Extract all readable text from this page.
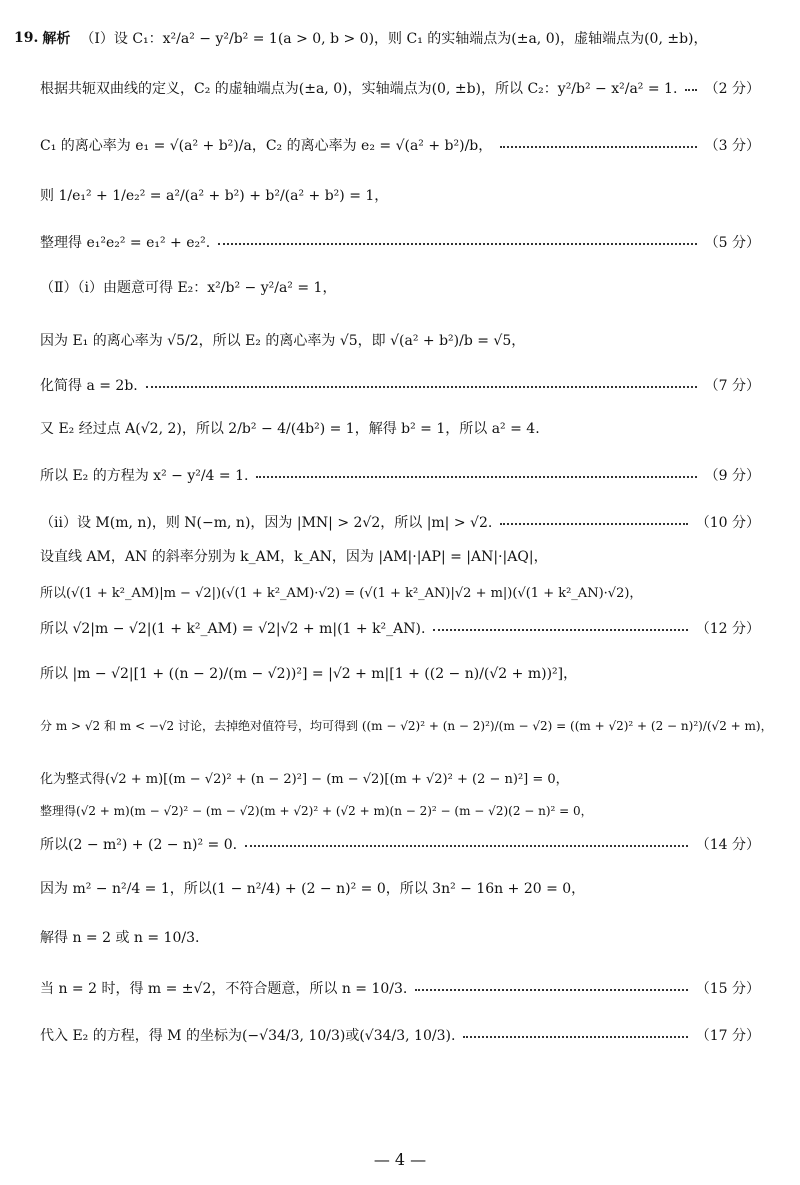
19. 解析 （Ⅰ）设 C₁：x²/a² − y²/b² = 1(a > 0, b > 0)，则 C₁ 的实轴端点为(±a, 0)，虚轴端点为(0, ±b)，
根据共轭双曲线的定义，C₂ 的虚轴端点为(±a, 0)，实轴端点为(0, ±b)，所以 C₂：y²/b² − x²/a² = 1. （2 分）
C₁ 的离心率为 e₁ = √(a² + b²)/a，C₂ 的离心率为 e₂ = √(a² + b²)/b，	（3 分）
则 1/e₁² + 1/e₂² = a²/(a² + b²) + b²/(a² + b²) = 1，
整理得 e₁²e₂² = e₁² + e₂².	（5 分）
（Ⅱ）（ⅰ）由题意可得 E₂：x²/b² − y²/a² = 1，
因为 E₁ 的离心率为 √5/2，所以 E₂ 的离心率为 √5，即 √(a² + b²)/b = √5，
化简得 a = 2b.	（7 分）
又 E₂ 经过点 A(√2, 2)，所以 2/b² − 4/(4b²) = 1，解得 b² = 1，所以 a² = 4.
所以 E₂ 的方程为 x² − y²/4 = 1.	（9 分）
（ⅱ）设 M(m, n)，则 N(−m, n)，因为 |MN| > 2√2，所以 |m| > √2.	（10 分）
设直线 AM，AN 的斜率分别为 k_AM，k_AN，因为 |AM|·|AP| = |AN|·|AQ|，
所以(√(1 + k²_AM)|m − √2|)(√(1 + k²_AM)·√2) = (√(1 + k²_AN)|√2 + m|)(√(1 + k²_AN)·√2)，
所以 √2|m − √2|(1 + k²_AM) = √2|√2 + m|(1 + k²_AN).	（12 分）
所以 |m − √2|[1 + ((n − 2)/(m − √2))²] = |√2 + m|[1 + ((2 − n)/(√2 + m))²]，
分 m > √2 和 m < −√2 讨论，去掉绝对值符号，均可得到 ((m − √2)² + (n − 2)²)/(m − √2) = ((m + √2)² + (2 − n)²)/(√2 + m)，
化为整式得(√2 + m)[(m − √2)² + (n − 2)²] − (m − √2)[(m + √2)² + (2 − n)²] = 0，
整理得(√2 + m)(m − √2)² − (m − √2)(m + √2)² + (√2 + m)(n − 2)² − (m − √2)(2 − n)² = 0，
所以(2 − m²) + (2 − n)² = 0.	（14 分）
因为 m² − n²/4 = 1，所以(1 − n²/4) + (2 − n)² = 0，所以 3n² − 16n + 20 = 0，
解得 n = 2 或 n = 10/3.
当 n = 2 时，得 m = ±√2，不符合题意，所以 n = 10/3.	（15 分）
代入 E₂ 的方程，得 M 的坐标为(−√34/3, 10/3)或(√34/3, 10/3).	（17 分）
— 4 —
